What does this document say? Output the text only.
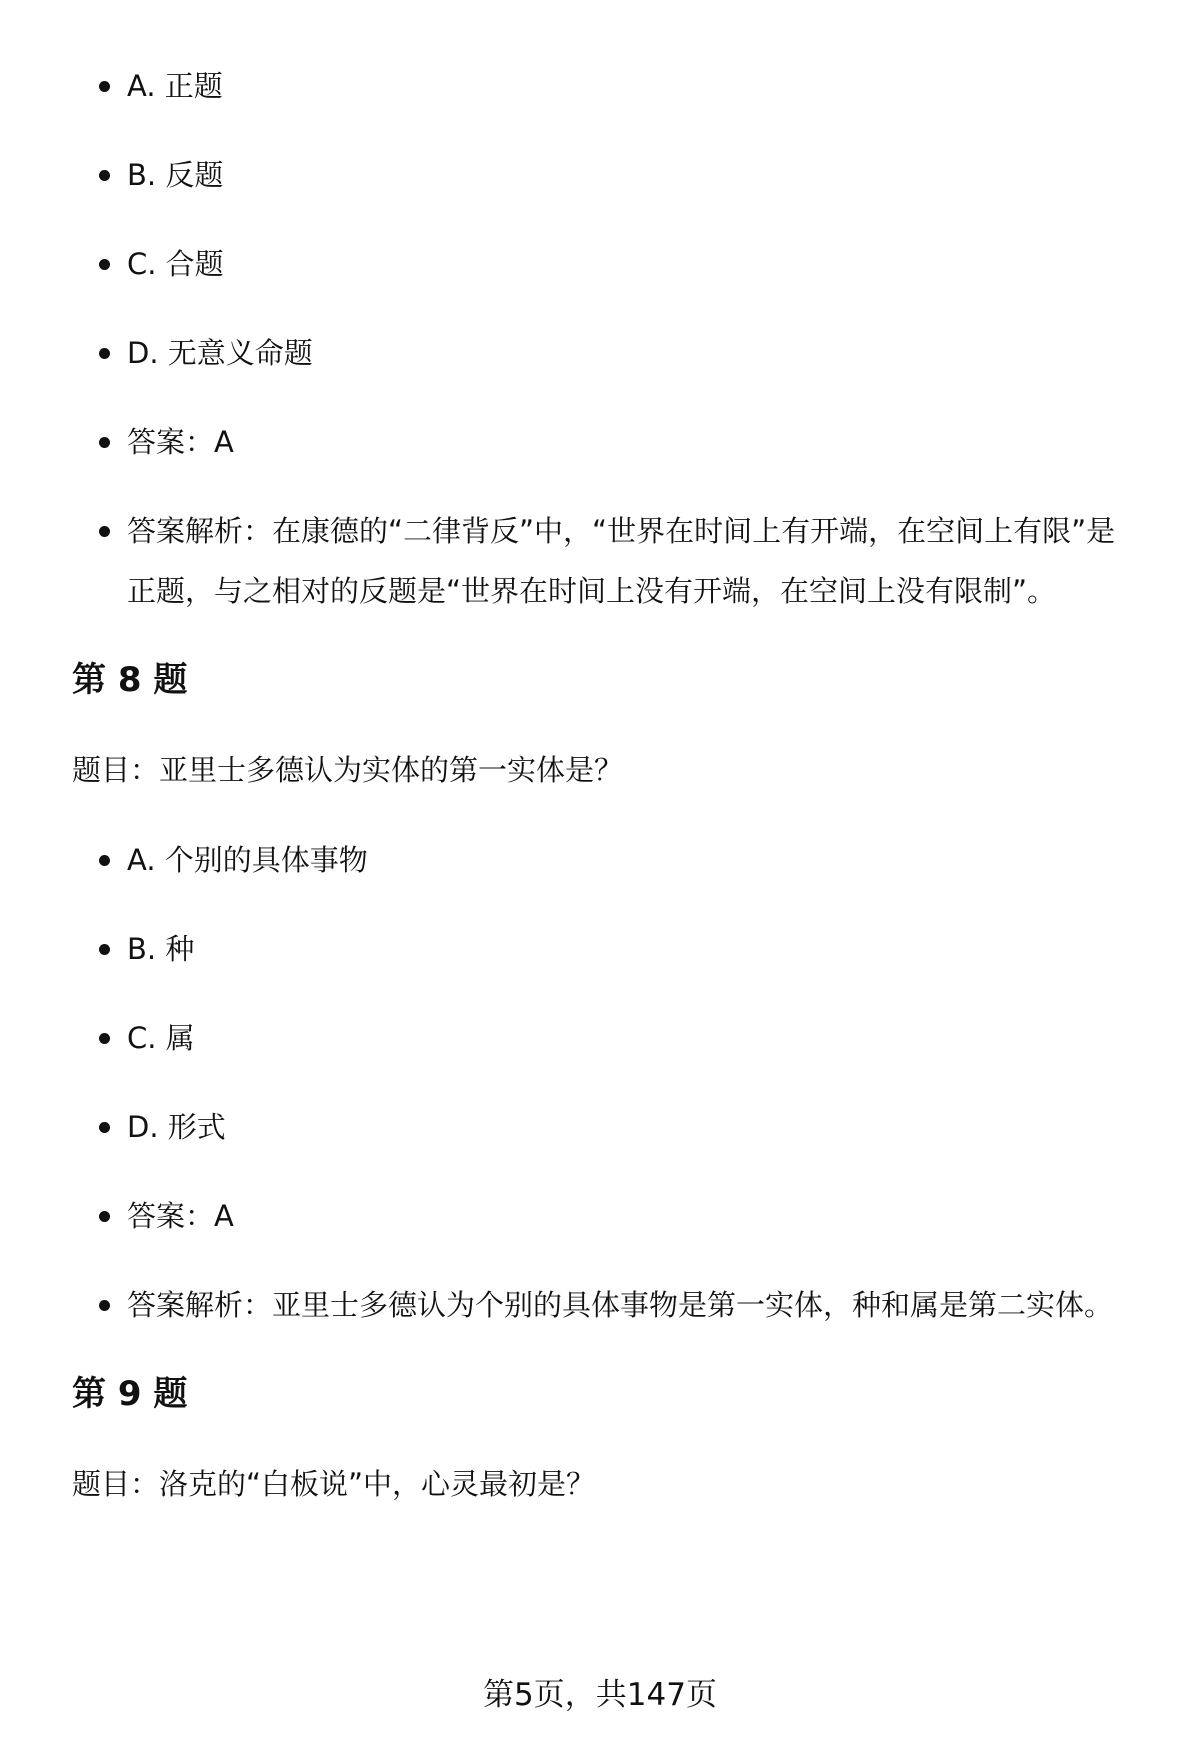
A. 正题
B. 反题
C. 合题
D. 无意义命题
答案：A
答案解析：在康德的“二律背反”中，“世界在时间上有开端，在空间上有限”是正题，与之相对的反题是“世界在时间上没有开端，在空间上没有限制”。
第 8 题

题目：亚里士多德认为实体的第一实体是？

A. 个别的具体事物
B. 种
C. 属
D. 形式
答案：A
答案解析：亚里士多德认为个别的具体事物是第一实体，种和属是第二实体。
第 9 题

题目：洛克的“白板说”中，心灵最初是？

第5页，共147页
